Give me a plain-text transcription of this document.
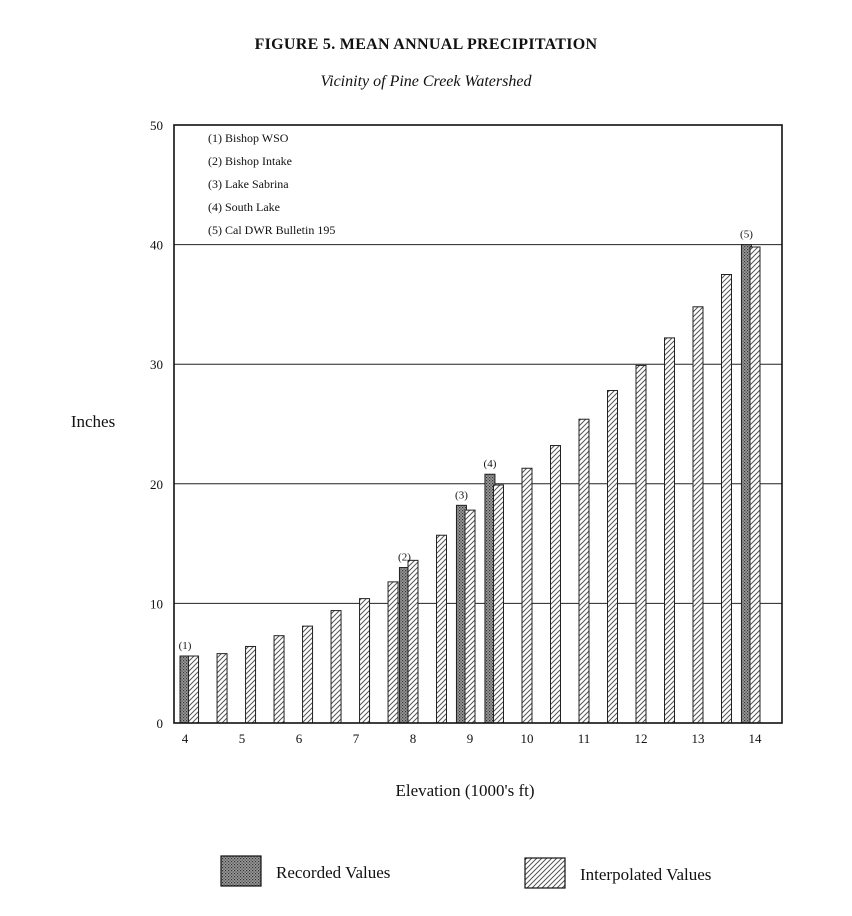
FIGURE 5. MEAN ANNUAL PRECIPITATION
Vicinity of Pine Creek Watershed
0
10
20
30
40
50
4	5	6	7	8	9	10	11	12	13	14
(1)
(2)
(3)
(4)
(5)
(1) Bishop WSO
(2) Bishop Intake
(3) Lake Sabrina
(4) South Lake
(5) Cal DWR Bulletin 195
Inches
Elevation (1000's ft)
Recorded Values	Interpolated Values
